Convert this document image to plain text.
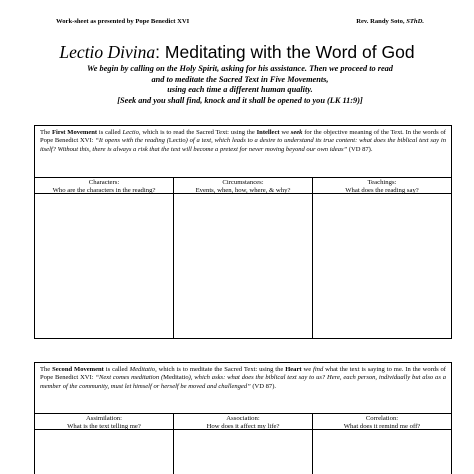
Work-sheet as presented by Pope Benedict XVI	Rev. Randy Soto, SThD.
Lectio Divina: Meditating with the Word of God
We begin by calling on the Holy Spirit, asking for his assistance. Then we proceed to read
and to meditate the Sacred Text in Five Movements,
using each time a different human quality.
[Seek and you shall find, knock and it shall be opened to you (LK 11:9)]
The First Movement is called Lectio, which is to read the Sacred Text: using the Intellect we seek for the objective meaning of the Text. In the words of Pope Benedict XVI: “It opens with the reading (Lectio) of a text, which leads to a desire to understand its true content: what does the biblical text say in itself? Without this, there is always a risk that the text will become a pretext for never moving beyond our own ideas” (VD 87).
Characters:
Who are the characters in the reading?
Circumstances:
Events, when, how, where, & why?
Teachings:
What does the reading say?
The Second Movement is called Meditatio, which is to meditate the Sacred Text: using the Heart we find what the text is saying to me. In the words of Pope Benedict XVI: “Next comes meditation (Meditatio), which asks: what does the biblical text say to us? Here, each person, individually but also as a member of the community, must let himself or herself be moved and challenged” (VD 87).
Assimilation:
What is the text telling me?
Association:
How does it affect my life?
Correlation:
What does it remind me off?
